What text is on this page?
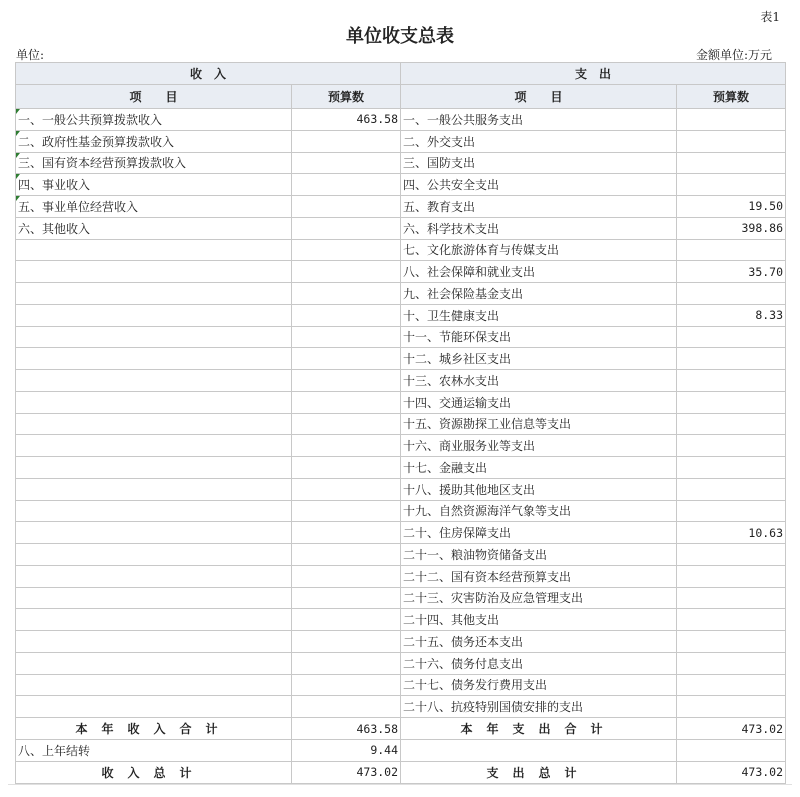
表1
单位收支总表
单位:	金额单位:万元
收　入		支　出	
项　　目	预算数	项　　目	预算数
一、一般公共预算拨款收入	463.58	一、一般公共服务支出	
二、政府性基金预算拨款收入		二、外交支出	
三、国有资本经营预算拨款收入		三、国防支出	
四、事业收入		四、公共安全支出	
五、事业单位经营收入		五、教育支出	19.50
六、其他收入		六、科学技术支出	398.86
		七、文化旅游体育与传媒支出	
		八、社会保障和就业支出	35.70
		九、社会保险基金支出	
		十、卫生健康支出	8.33
		十一、节能环保支出	
		十二、城乡社区支出	
		十三、农林水支出	
		十四、交通运输支出	
		十五、资源勘探工业信息等支出	
		十六、商业服务业等支出	
		十七、金融支出	
		十八、援助其他地区支出	
		十九、自然资源海洋气象等支出	
		二十、住房保障支出	10.63
		二十一、粮油物资储备支出	
		二十二、国有资本经营预算支出	
		二十三、灾害防治及应急管理支出	
		二十四、其他支出	
		二十五、债务还本支出	
		二十六、债务付息支出	
		二十七、债务发行费用支出	
		二十八、抗疫特别国债安排的支出	
本年收入合计	463.58	本年支出合计	473.02
八、上年结转	9.44		
收入总计	473.02	支出总计	473.02
